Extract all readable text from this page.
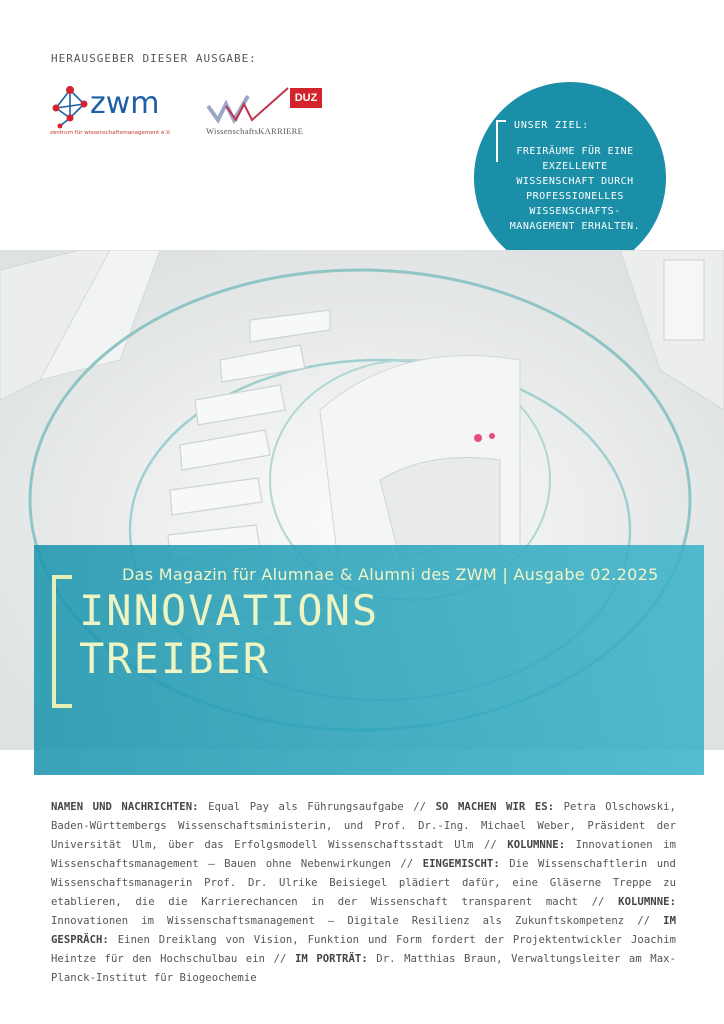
HERAUSGEBER DIESER AUSGABE:
zwm
zentrum für wissenschaftsmanagement e.V.
DUZ
WissenschaftsKARRIERE	UNSER ZIEL:
FREIRÄUME FÜR EINE EXZELLENTE WISSENSCHAFT DURCH PROFESSIONELLES WISSENSCHAFTS-MANAGEMENT ERHALTEN.
Das Magazin für Alumnae & Alumni des ZWM | Ausgabe 02.2025
INNOVATIONS
TREIBER
NAMEN UND NACHRICHTEN: Equal Pay als Führungsaufgabe // SO MACHEN WIR ES: Petra Olschowski, Baden-Württembergs Wissenschaftsministerin, und Prof. Dr.-Ing. Michael Weber, Präsident der Universität Ulm, über das Erfolgsmodell Wissenschaftsstadt Ulm // KOLUMNNE: Innovationen im Wissenschaftsmanagement – Bauen ohne Nebenwirkungen // EINGEMISCHT: Die Wissenschaftlerin und Wissenschaftsmanagerin Prof. Dr. Ulrike Beisiegel plädiert dafür, eine Gläserne Treppe zu etablieren, die die Karrierechancen in der Wissenschaft transparent macht // KOLUMNNE: Innovationen im Wissenschaftsmanagement – Digitale Resilienz als Zukunftskompetenz // IM GESPRÄCH: Einen Dreiklang von Vision, Funktion und Form fordert der Projektentwickler Joachim Heintze für den Hochschulbau ein // IM PORTRÄT: Dr. Matthias Braun, Verwaltungsleiter am Max-Planck-Institut für Biogeochemie
